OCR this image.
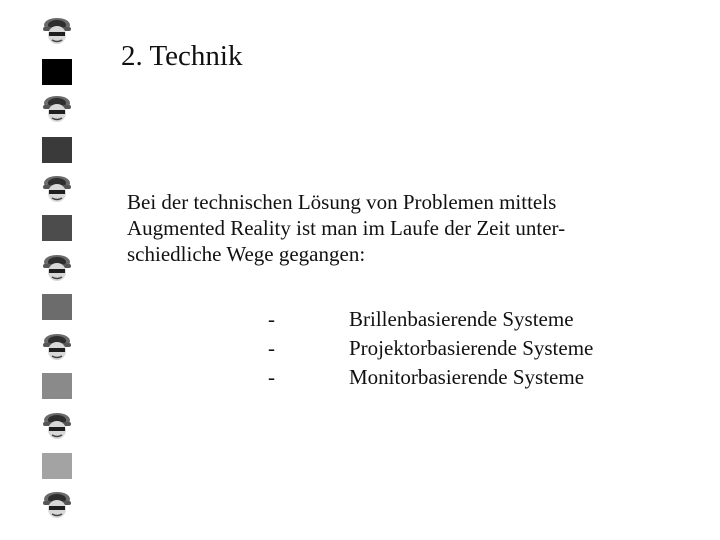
2. Technik

Bei der technischen Lösung von Problemen mittels
Augmented Reality ist man im Laufe der Zeit unter-
schiedliche Wege gegangen:

-	Brillenbasierende Systeme
-	Projektorbasierende Systeme
-	Monitorbasierende Systeme
